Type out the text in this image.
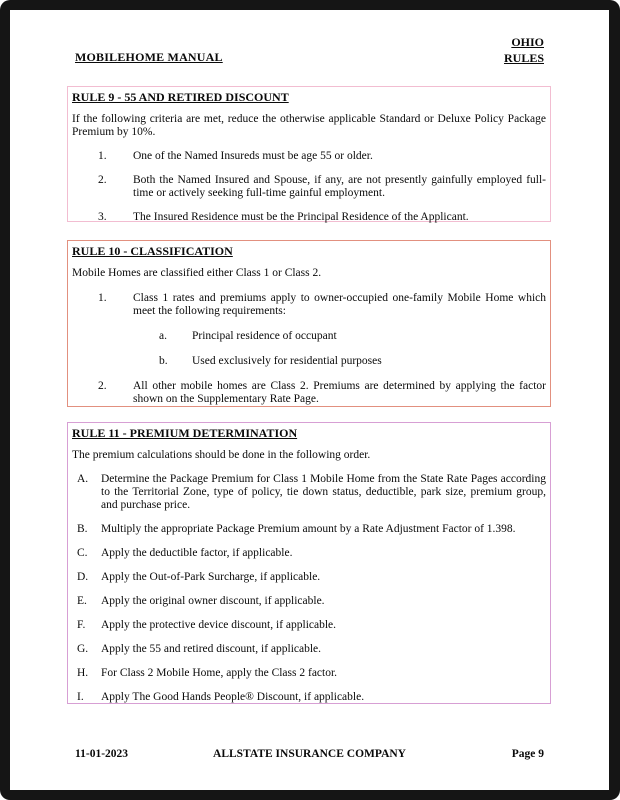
MOBILEHOME MANUAL
OHIO
RULES
RULE 9 - 55 AND RETIRED DISCOUNT

If the following criteria are met, reduce the otherwise applicable Standard or Deluxe Policy Package Premium by 10%.

1.	One of the Named Insureds must be age 55 or older.
2.	Both the Named Insured and Spouse, if any, are not presently gainfully employed full-time or actively seeking full-time gainful employment.
3.	The Insured Residence must be the Principal Residence of the Applicant.
RULE 10 - CLASSIFICATION

Mobile Homes are classified either Class 1 or Class 2.

1.	Class 1 rates and premiums apply to owner-occupied one-family Mobile Home which meet the following requirements:
a.	Principal residence of occupant
b.	Used exclusively for residential purposes
2.	All other mobile homes are Class 2. Premiums are determined by applying the factor shown on the Supplementary Rate Page.
RULE 11 - PREMIUM DETERMINATION

The premium calculations should be done in the following order.

A.	Determine the Package Premium for Class 1 Mobile Home from the State Rate Pages according to the Territorial Zone, type of policy, tie down status, deductible, park size, premium group, and purchase price.
B.	Multiply the appropriate Package Premium amount by a Rate Adjustment Factor of 1.398.
C.	Apply the deductible factor, if applicable.
D.	Apply the Out-of-Park Surcharge, if applicable.
E.	Apply the original owner discount, if applicable.
F.	Apply the protective device discount, if applicable.
G.	Apply the 55 and retired discount, if applicable.
H.	For Class 2 Mobile Home, apply the Class 2 factor.
I.	Apply The Good Hands People® Discount, if applicable.
11-01-2023	ALLSTATE INSURANCE COMPANY	Page 9
